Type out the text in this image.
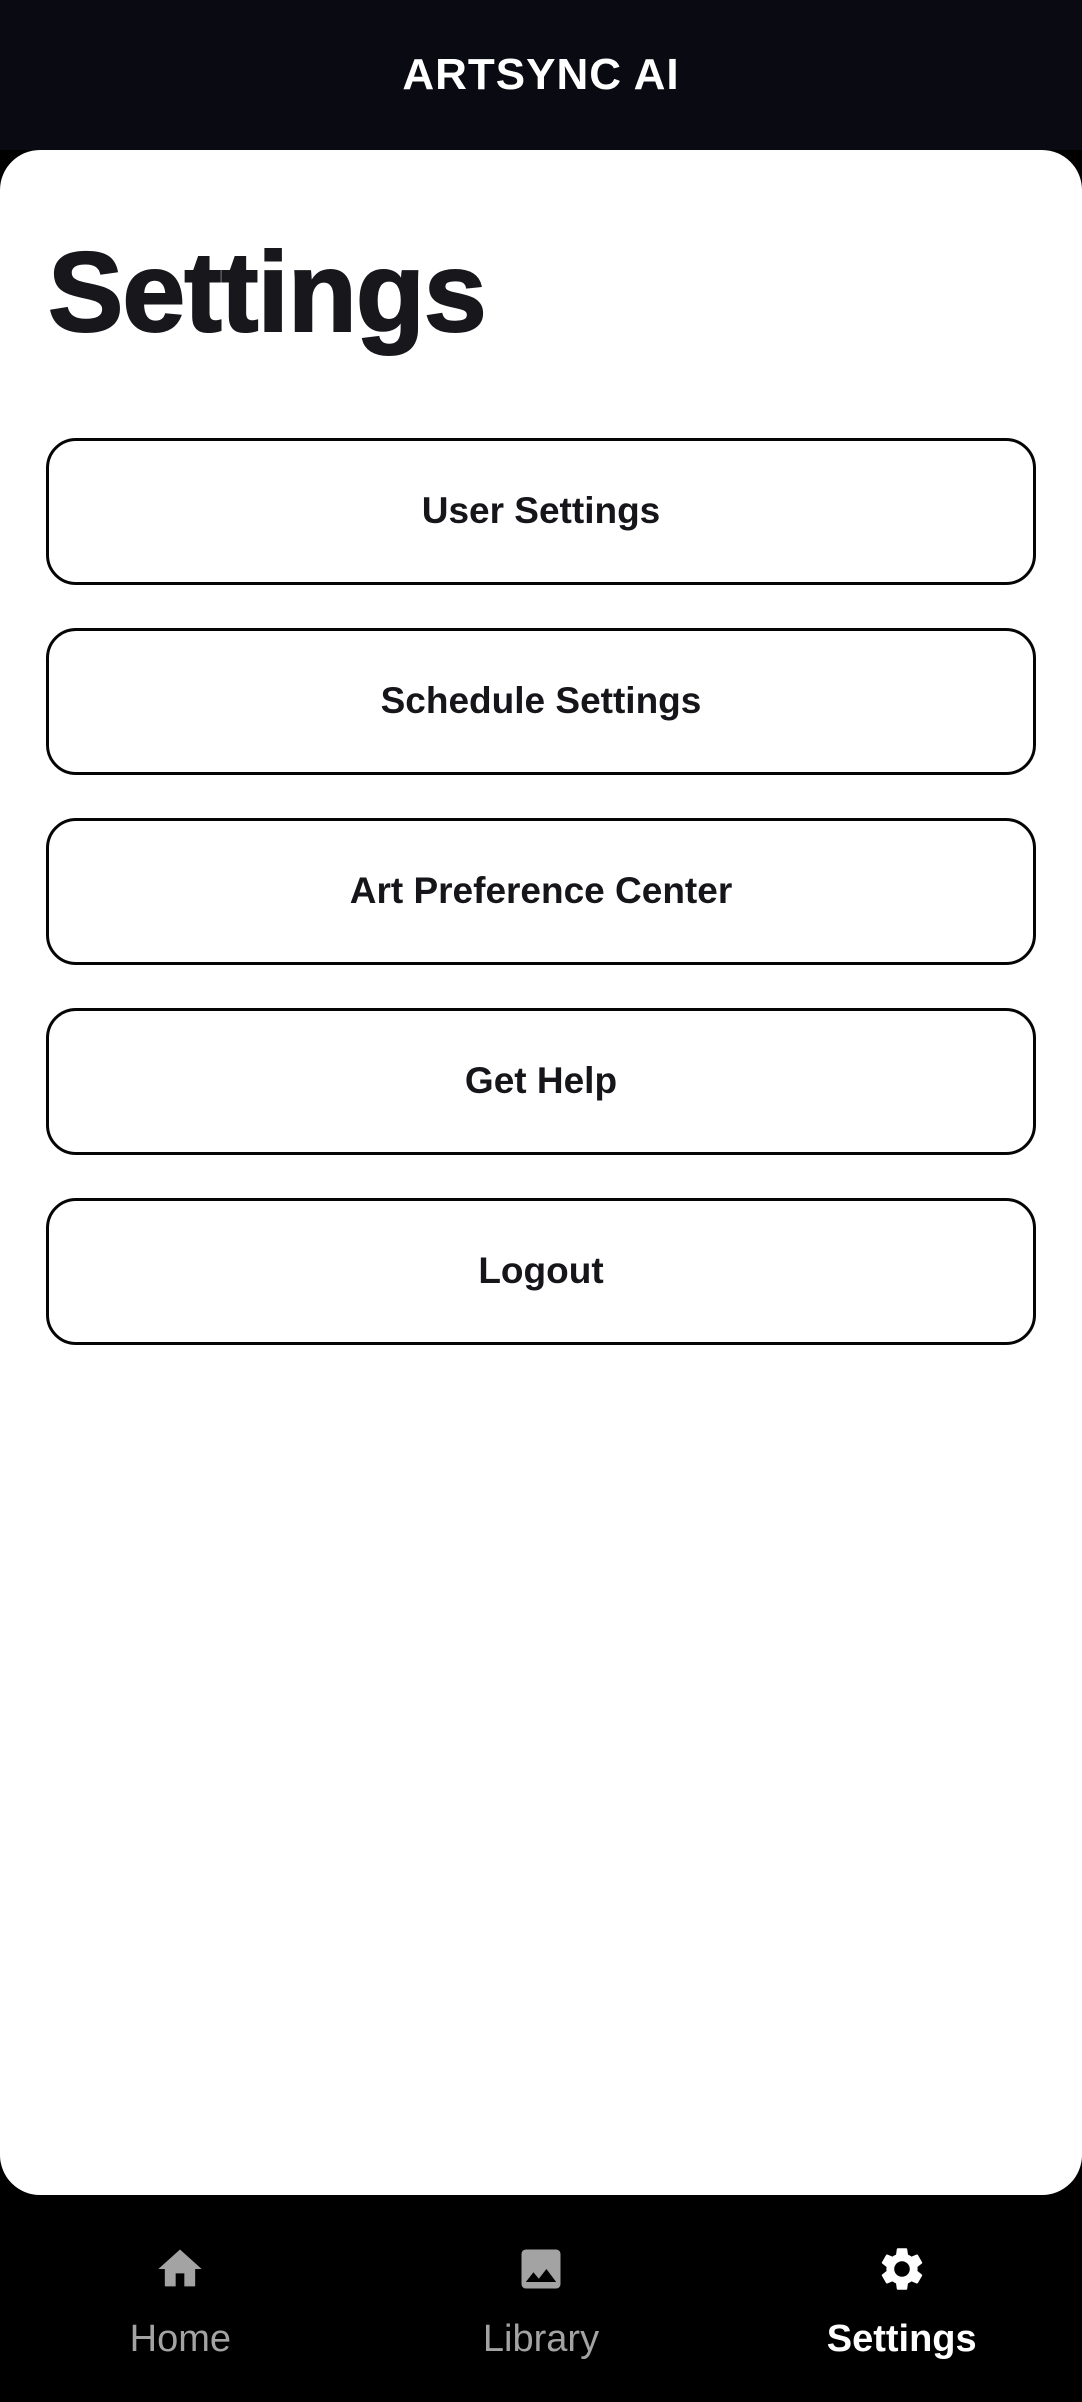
ARTSYNC AI
Settings
User Settings
Schedule Settings
Art Preference Center
Get Help
Logout
Home	Library	Settings
